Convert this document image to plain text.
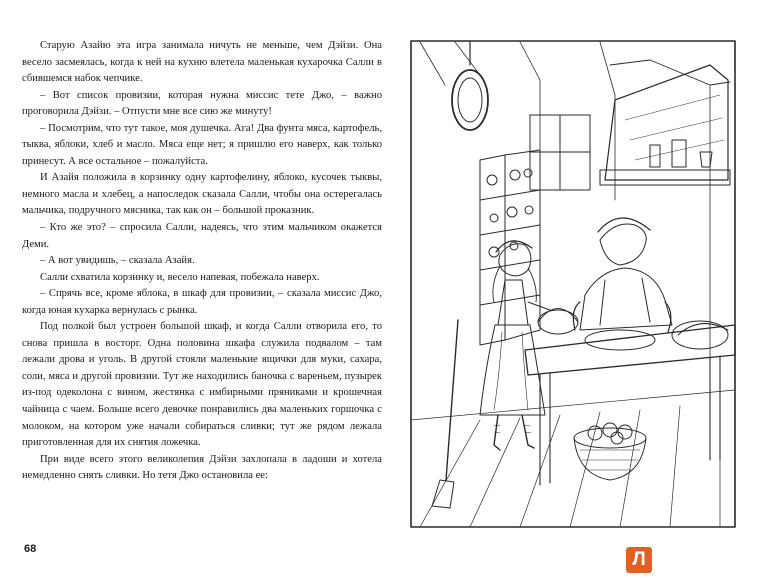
Старую Азайю эта игра занимала ничуть не меньше, чем Дэйзи. Она весело засмеялась, когда к ней на кухню влетела маленькая кухарочка Салли в сбившемся набок чепчике.

– Вот список провизии, которая нужна миссис тете Джо, – важно проговорила Дэйзи. – Отпусти мне все сию же минуту!

– Посмотрим, что тут такое, моя душечка. Ага! Два фунта мяса, картофель, тыква, яблоки, хлеб и масло. Мяса еще нет; я пришлю его наверх, как только принесут. А все остальное – пожалуйста.

И Азайя положила в корзинку одну картофелину, яблоко, кусочек тыквы, немного масла и хлебец, а напоследок сказала Салли, чтобы она остерегалась мальчика, подручного мясника, так как он – большой проказник.

– Кто же это? – спросила Салли, надеясь, что этим мальчиком окажется Деми.

– А вот увидишь, – сказала Азайя.

Салли схватила корзинку и, весело напевая, побежала наверх.

– Спрячь все, кроме яблока, в шкаф для провизии, – сказала миссис Джо, когда юная кухарка вернулась с рынка.

Под полкой был устроен большой шкаф, и когда Салли отворила его, то снова пришла в восторг. Одна половина шкафа служила подвалом – там лежали дрова и уголь. В другой стояли маленькие ящички для муки, сахара, соли, мяса и другой провизии. Тут же находились баночка с вареньем, пузырек из-под одеколона с вином, жестянка с имбирными пряниками и крошечная чайница с чаем. Больше всего девочке понравились два маленьких горшочка с молоком, на котором уже начали собираться сливки; тут же рядом лежала приготовленная для их снятия ложечка.

При виде всего этого великолепия Дэйзи захлопала в ладоши и хотела немедленно снять сливки. Но тетя Джо остановила ее:

68	Л
